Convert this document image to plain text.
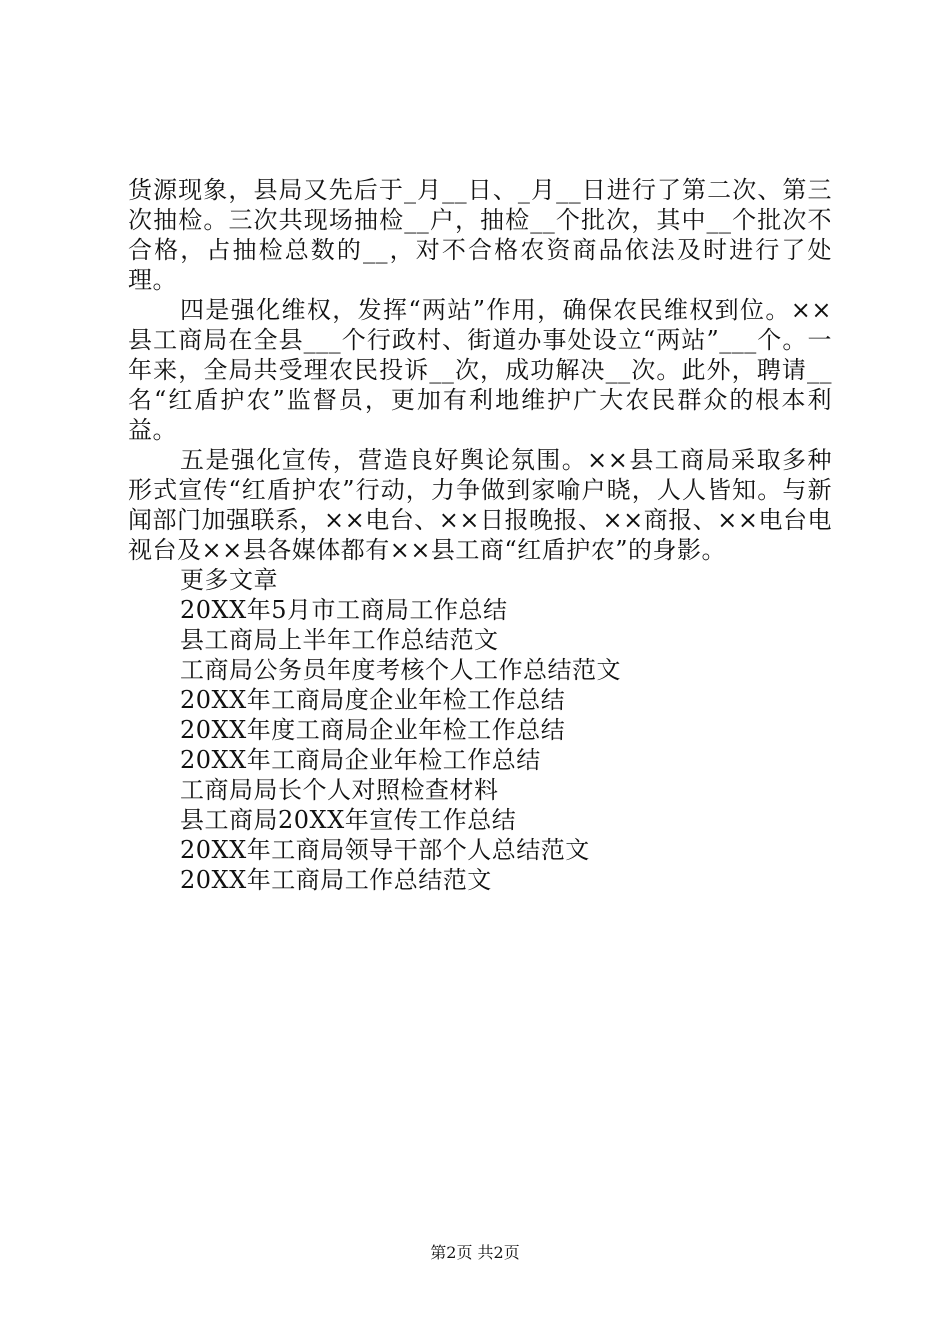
货源现象，县局又先后于_月__日、_月__日进行了第二次、第三次抽检。三次共现场抽检__户，抽检__个批次，其中__个批次不合格，占抽检总数的__，对不合格农资商品依法及时进行了处理。

四是强化维权，发挥“两站”作用，确保农民维权到位。××县工商局在全县___个行政村、街道办事处设立“两站”___个。一年来，全局共受理农民投诉__次，成功解决__次。此外，聘请__名“红盾护农”监督员，更加有利地维护广大农民群众的根本利益。

五是强化宣传，营造良好舆论氛围。××县工商局采取多种形式宣传“红盾护农”行动，力争做到家喻户晓，人人皆知。与新闻部门加强联系，××电台、××日报晚报、××商报、××电台电视台及××县各媒体都有××县工商“红盾护农”的身影。

更多文章
20XX年5月市工商局工作总结
县工商局上半年工作总结范文
工商局公务员年度考核个人工作总结范文
20XX年工商局度企业年检工作总结
20XX年度工商局企业年检工作总结
20XX年工商局企业年检工作总结
工商局局长个人对照检查材料
县工商局20XX年宣传工作总结
20XX年工商局领导干部个人总结范文
20XX年工商局工作总结范文
第2页 共2页
